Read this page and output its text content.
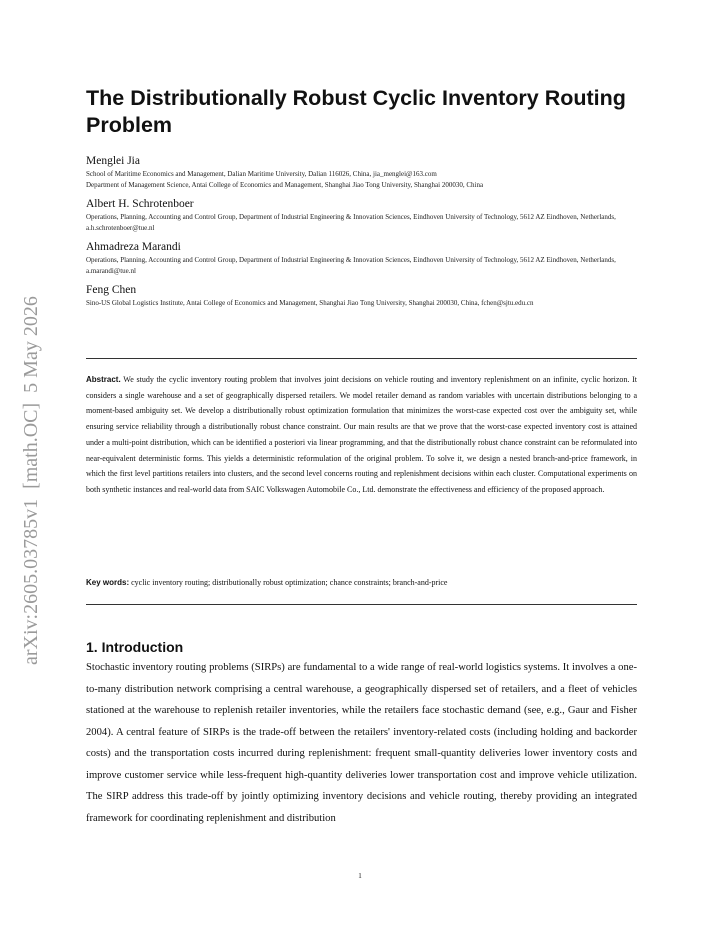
arXiv:2605.03785v1  [math.OC]  5 May 2026
The Distributionally Robust Cyclic Inventory Routing Problem
Menglei Jia
School of Maritime Economics and Management, Dalian Maritime University, Dalian 116026, China, jia_menglei@163.com
Department of Management Science, Antai College of Economics and Management, Shanghai Jiao Tong University, Shanghai 200030, China
Albert H. Schrotenboer
Operations, Planning, Accounting and Control Group, Department of Industrial Engineering & Innovation Sciences, Eindhoven University of Technology, 5612 AZ Eindhoven, Netherlands, a.h.schrotenboer@tue.nl
Ahmadreza Marandi
Operations, Planning, Accounting and Control Group, Department of Industrial Engineering & Innovation Sciences, Eindhoven University of Technology, 5612 AZ Eindhoven, Netherlands, a.marandi@tue.nl
Feng Chen
Sino-US Global Logistics Institute, Antai College of Economics and Management, Shanghai Jiao Tong University, Shanghai 200030, China, fchen@sjtu.edu.cn

Abstract. We study the cyclic inventory routing problem that involves joint decisions on vehicle routing and inventory replenishment on an infinite, cyclic horizon. It considers a single warehouse and a set of geographically dispersed retailers. We model retailer demand as random variables with uncertain distributions belonging to a moment-based ambiguity set. We develop a distributionally robust optimization formulation that minimizes the worst-case expected cost over the ambiguity set, while ensuring service reliability through a distributionally robust chance constraint. Our main results are that we prove that the worst-case expected inventory cost is attained under a multi-point distribution, which can be identified a posteriori via linear programming, and that the distributionally robust chance constraint can be reformulated into near-equivalent deterministic forms. This yields a deterministic reformulation of the original problem. To solve it, we design a nested branch-and-price framework, in which the first level partitions retailers into clusters, and the second level concerns routing and replenishment decisions within each cluster. Computational experiments on both synthetic instances and real-world data from SAIC Volkswagen Automobile Co., Ltd. demonstrate the effectiveness and efficiency of the proposed approach.

Key words: cyclic inventory routing; distributionally robust optimization; chance constraints; branch-and-price

1. Introduction

Stochastic inventory routing problems (SIRPs) are fundamental to a wide range of real-world logistics systems. It involves a one-to-many distribution network comprising a central warehouse, a geographically dispersed set of retailers, and a fleet of vehicles stationed at the warehouse to replenish retailer inventories, while the retailers face stochastic demand (see, e.g., Gaur and Fisher 2004). A central feature of SIRPs is the trade-off between the retailers' inventory-related costs (including holding and backorder costs) and the transportation costs incurred during replenishment: frequent small-quantity deliveries lower inventory costs and improve customer service while less-frequent high-quantity deliveries lower transportation cost and improve vehicle utilization. The SIRP address this trade-off by jointly optimizing inventory decisions and vehicle routing, thereby providing an integrated framework for coordinating replenishment and distribution

1
